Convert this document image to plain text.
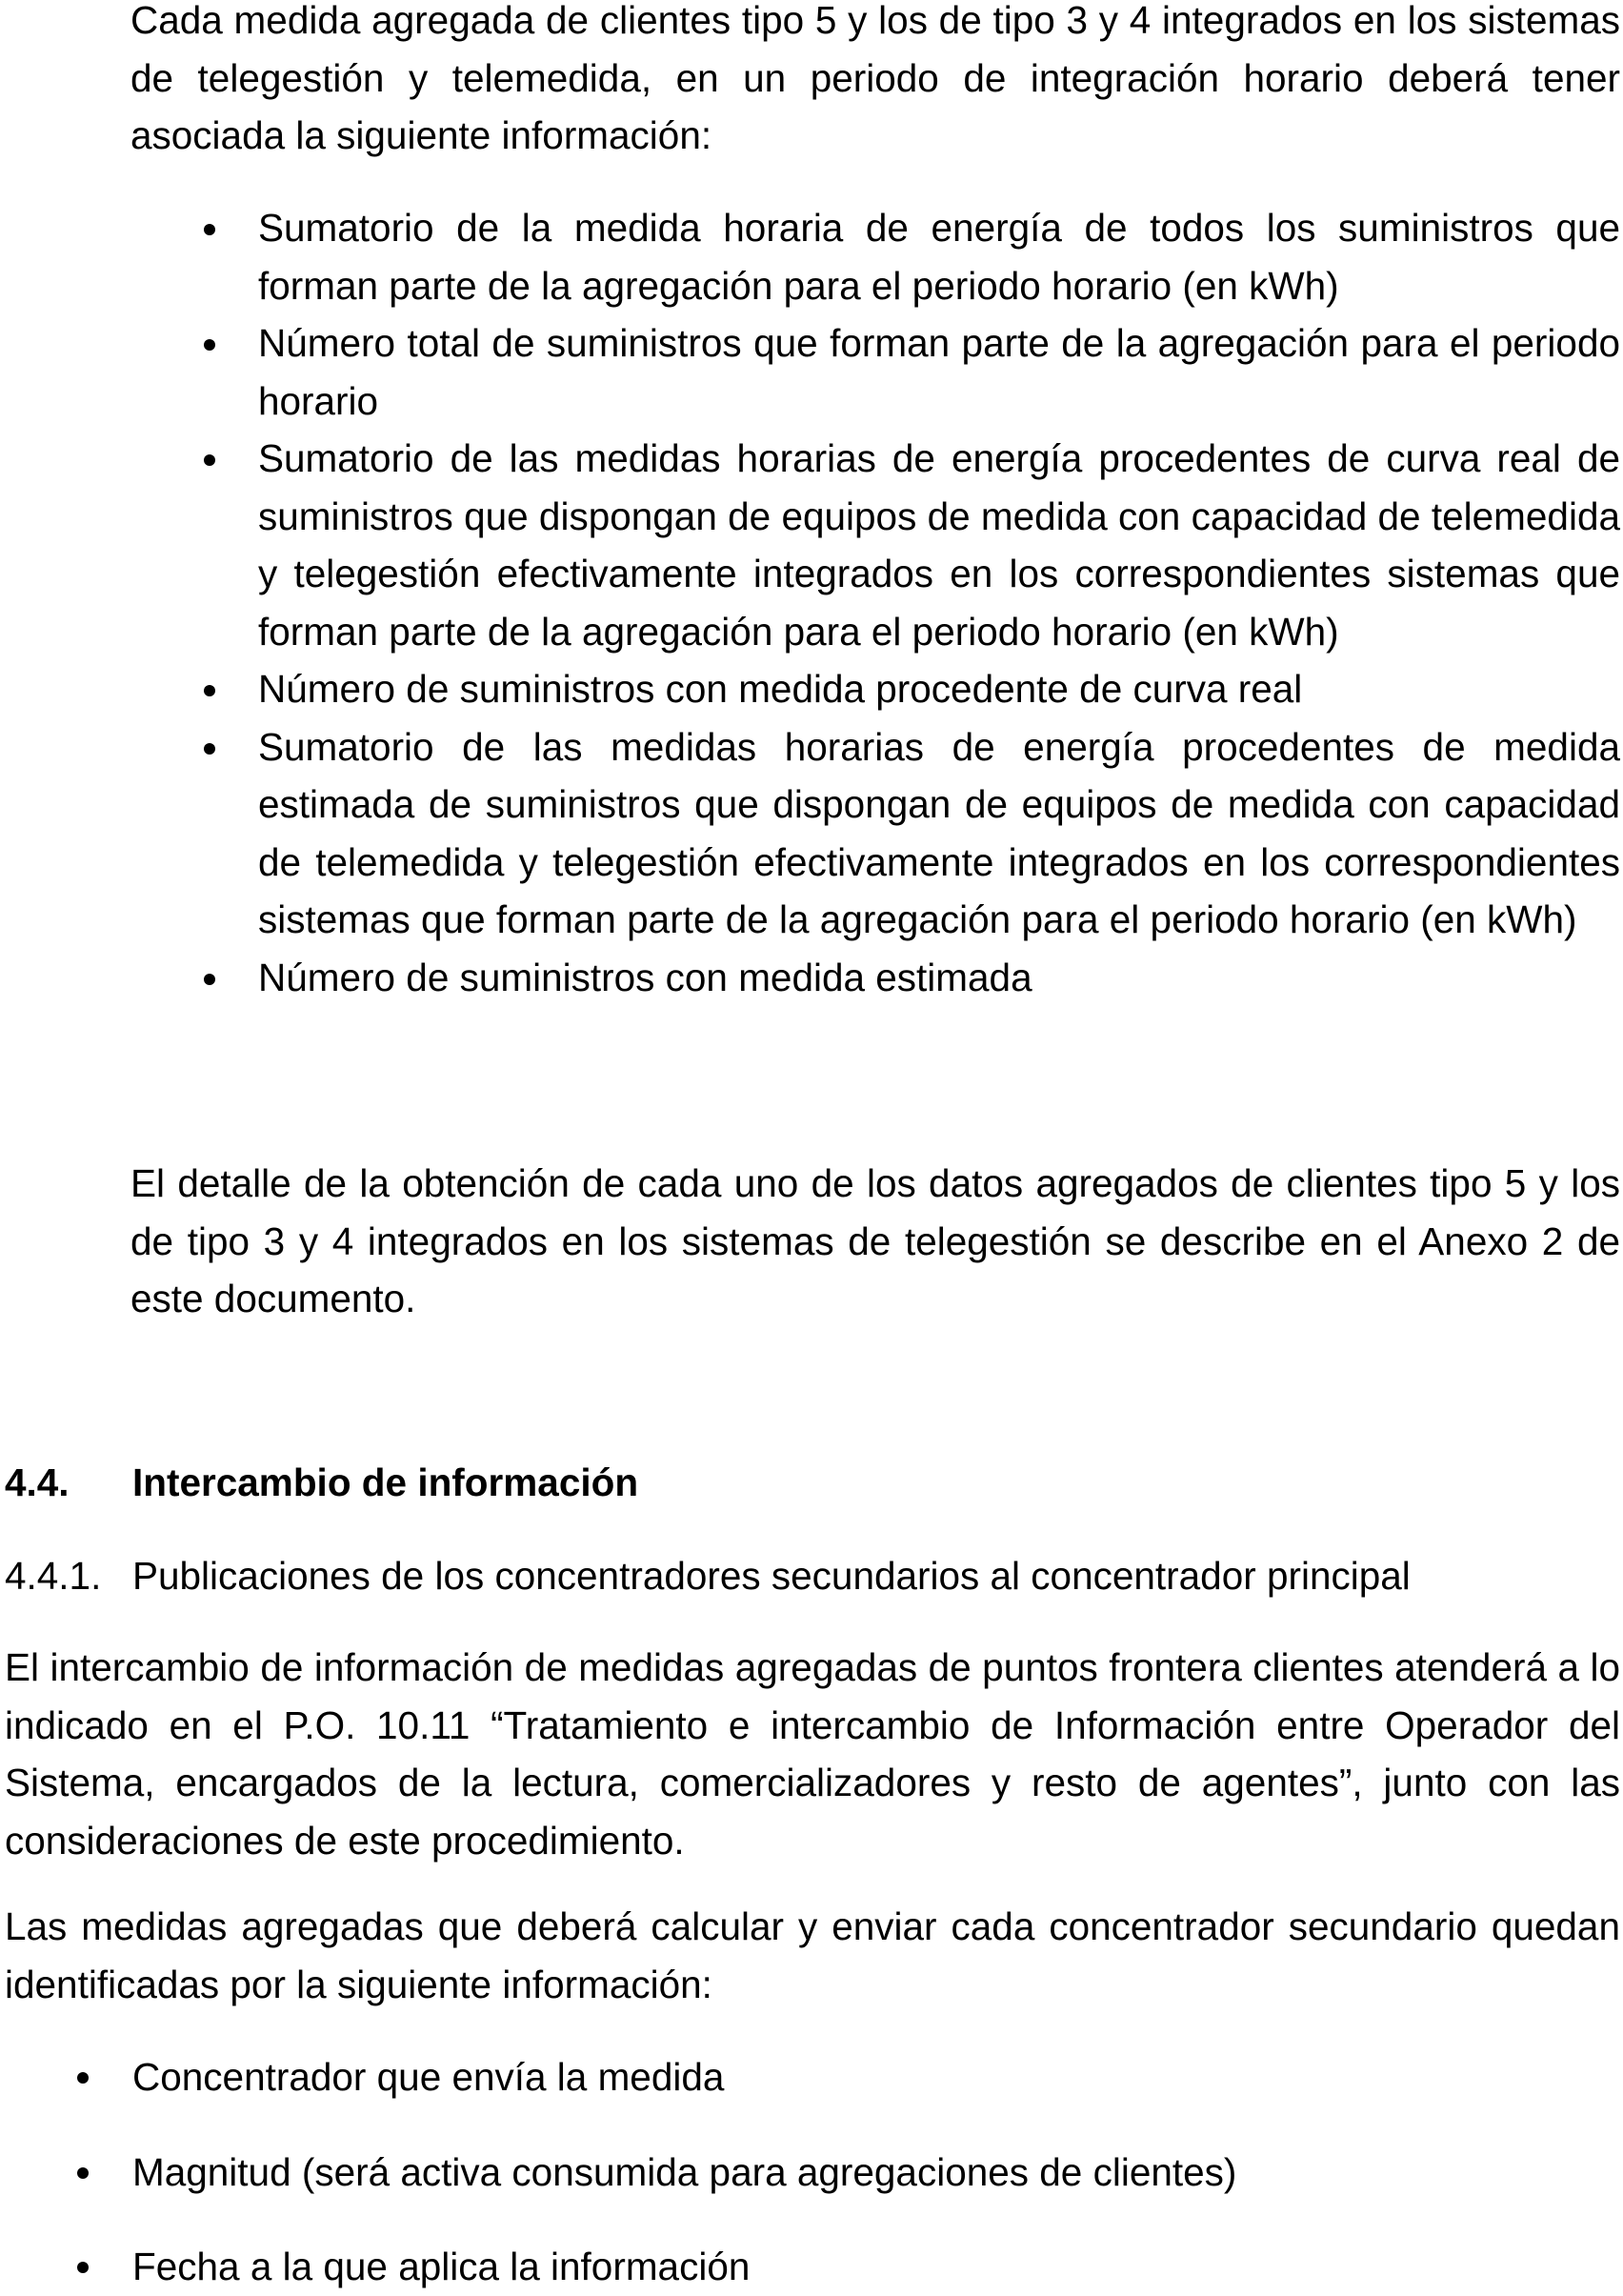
Cada medida agregada de clientes tipo 5 y los de tipo 3 y 4 integrados en los sistemas de telegestión y telemedida, en un periodo de integración horario deberá tener asociada la siguiente información:

Sumatorio de la medida horaria de energía de todos los suministros que forman parte de la agregación para el periodo horario (en kWh)
Número total de suministros que forman parte de la agregación para el periodo horario
Sumatorio de las medidas horarias de energía procedentes de curva real de suministros que dispongan de equipos de medida con capacidad de telemedida y telegestión efectivamente integrados en los correspondientes sistemas que forman parte de la agregación para el periodo horario (en kWh)
Número de suministros con medida procedente de curva real
Sumatorio de las medidas horarias de energía procedentes de medida estimada de suministros que dispongan de equipos de medida con capacidad de telemedida y telegestión efectivamente integrados en los correspondientes sistemas que forman parte de la agregación para el periodo horario (en kWh)
Número de suministros con medida estimada

El detalle de la obtención de cada uno de los datos agregados de clientes tipo 5 y los de tipo 3 y 4 integrados en los sistemas de telegestión se describe en el Anexo 2 de este documento.

4.4. Intercambio de información
4.4.1. Publicaciones de los concentradores secundarios al concentrador principal

El intercambio de información de medidas agregadas de puntos frontera clientes atenderá a lo indicado en el P.O. 10.11 “Tratamiento e intercambio de Información entre Operador del Sistema, encargados de la lectura, comercializadores y resto de agentes”, junto con las consideraciones de este procedimiento.

Las medidas agregadas que deberá calcular y enviar cada concentrador secundario quedan identificadas por la siguiente información:

Concentrador que envía la medida
Magnitud (será activa consumida para agregaciones de clientes)
Fecha a la que aplica la información
